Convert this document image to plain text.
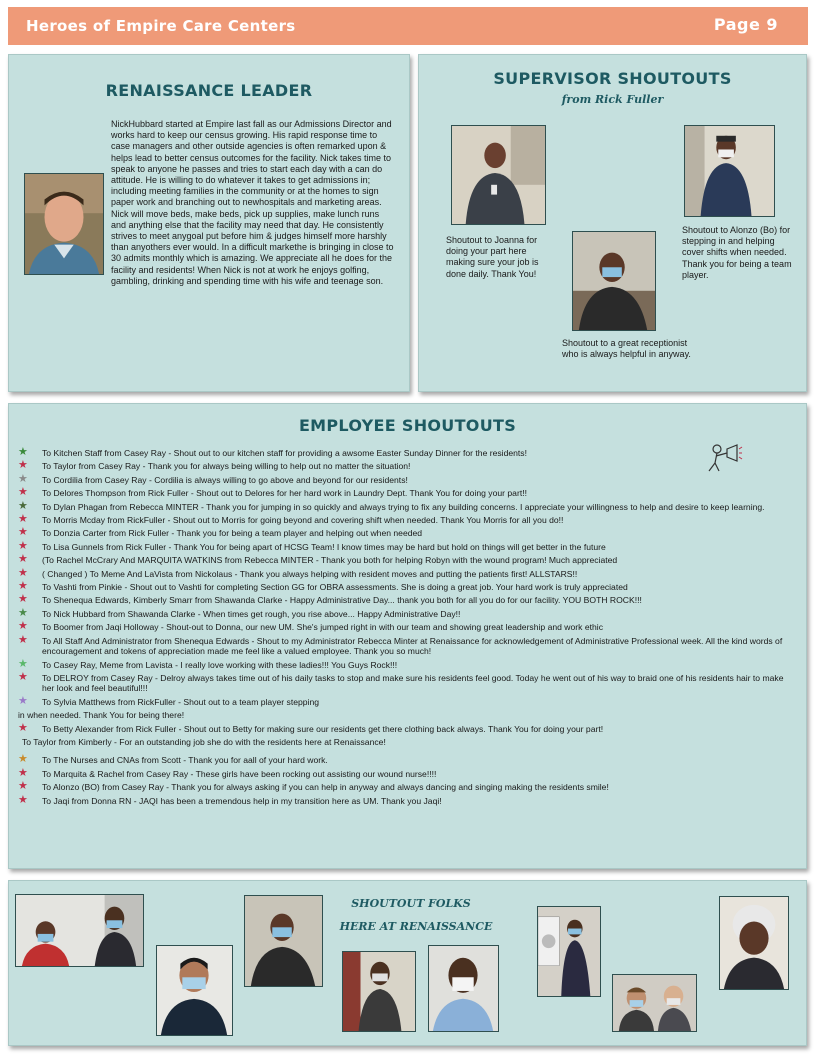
Heroes of Empire Care Centers	Page 9
RENAISSANCE LEADER
NickHubbard started at Empire last fall as our Admissions Director and works hard to keep our census growing. His rapid response time to case managers and other outside agencies is often remarked upon & helps lead to better census outcomes for the facility. Nick takes time to speak to anyone he passes and tries to start each day with a can do attitude. He is willing to do whatever it takes to get admissions in; including meeting families in the community or at the homes to sign paper work and branching out to newhospitals and marketing areas. Nick will move beds, make beds, pick up supplies, make lunch runs and anything else that the facility may need that day. He consistently strives to meet anygoal put before him & judges himself more harshly than anyothers ever would. In a difficult markethe is bringing in close to 30 admits monthly which is amazing. We appreciate all he does for the facility and residents! When Nick is not at work he enjoys golfing, gambling, drinking and spending time with his wife and teenage son.
SUPERVISOR SHOUTOUTS
from Rick Fuller
Shoutout to Joanna for doing your part here making sure your job is done daily. Thank You!
Shoutout to a great receptionist who is always helpful in anyway.
Shoutout to Alonzo (Bo) for stepping in and helping cover shifts when needed. Thank you for being a team player.
EMPLOYEE SHOUTOUTS
★ To Kitchen Staff from Casey Ray - Shout out to our kitchen staff for providing a awsome Easter Sunday Dinner for the residents!
★ To Taylor from Casey Ray - Thank you for always being willing to help out no matter the situation!
★ To Cordilia from Casey Ray - Cordilia is always willing to go above and beyond for our residents!
★ To Delores Thompson from Rick Fuller - Shout out to Delores for her hard work in Laundry Dept. Thank You for doing your part!!
★ To Dylan Phagan from Rebecca MINTER - Thank you for jumping in so quickly and always trying to fix any building concerns. I appreciate your willingness to help and desire to keep learning.
★ To Morris Mcday from RickFuller - Shout out to Morris for going beyond and covering shift when needed. Thank You Morris for all you do!!
★ To Donzia Carter from Rick Fuller - Thank you for being a team player and helping out when needed
★ To Lisa Gunnels from Rick Fuller - Thank You for being apart of HCSG Team! I know times may be hard but hold on things will get better in the future
★ (To Rachel McCrary And MARQUITA WATKINS from Rebecca MINTER - Thank you both for helping Robyn with the wound program! Much appreciated
★ ( Changed ) To Meme And LaVista from Nickolaus - Thank you always helping with resident moves and putting the patients first! ALLSTARS!!
★ To Vashti from Pinkie - Shout out to Vashti for completing Section GG for OBRA assessments. She is doing a great job. Your hard work is truly appreciated
★ To Shenequa Edwards, Kimberly Smarr from Shawanda Clarke - Happy Administrative Day... thank you both for all you do for our facility. YOU BOTH ROCK!!!
★ To Nick Hubbard from Shawanda Clarke - When times get rough, you rise above... Happy Administrative Day!!
★ To Boomer from Jaqi Holloway - Shout-out to Donna, our new UM. She's jumped right in with our team and showing great leadership and work ethic
★ To All Staff And Administrator from Shenequa Edwards - Shout to my Administrator Rebecca Minter at Renaissance for acknowledgement of Administrative Professional week. All the kind words of encouragement and tokens of appreciation made me feel like a valued employee. Thank you so much!
★ To Casey Ray, Meme from Lavista - I really love working with these ladies!!! You Guys Rock!!!
★ To DELROY from Casey Ray - Delroy always takes time out of his daily tasks to stop and make sure his residents feel good. Today he went out of his way to braid one of his residents hair to make her look and feel beautiful!!!
★ To Sylvia Matthews from RickFuller - Shout out to a team player stepping
in when needed. Thank You for being there!
★ To Betty Alexander from Rick Fuller - Shout out to Betty for making sure our residents get there clothing back always. Thank You for doing your part!
To Taylor from Kimberly - For an outstanding job she do with the residents here at Renaissance!
★ To The Nurses and CNAs from Scott - Thank you for aall of your hard work.
★ To Marquita & Rachel from Casey Ray - These girls have been rocking out assisting our wound nurse!!!!
★ To Alonzo (BO) from Casey Ray - Thank you for always asking if you can help in anyway and always dancing and singing making the residents smile!
★ To Jaqi from Donna RN - JAQI has been a tremendous help in my transition here as UM. Thank you Jaqi!
SHOUTOUT FOLKS
HERE AT RENAISSANCE
